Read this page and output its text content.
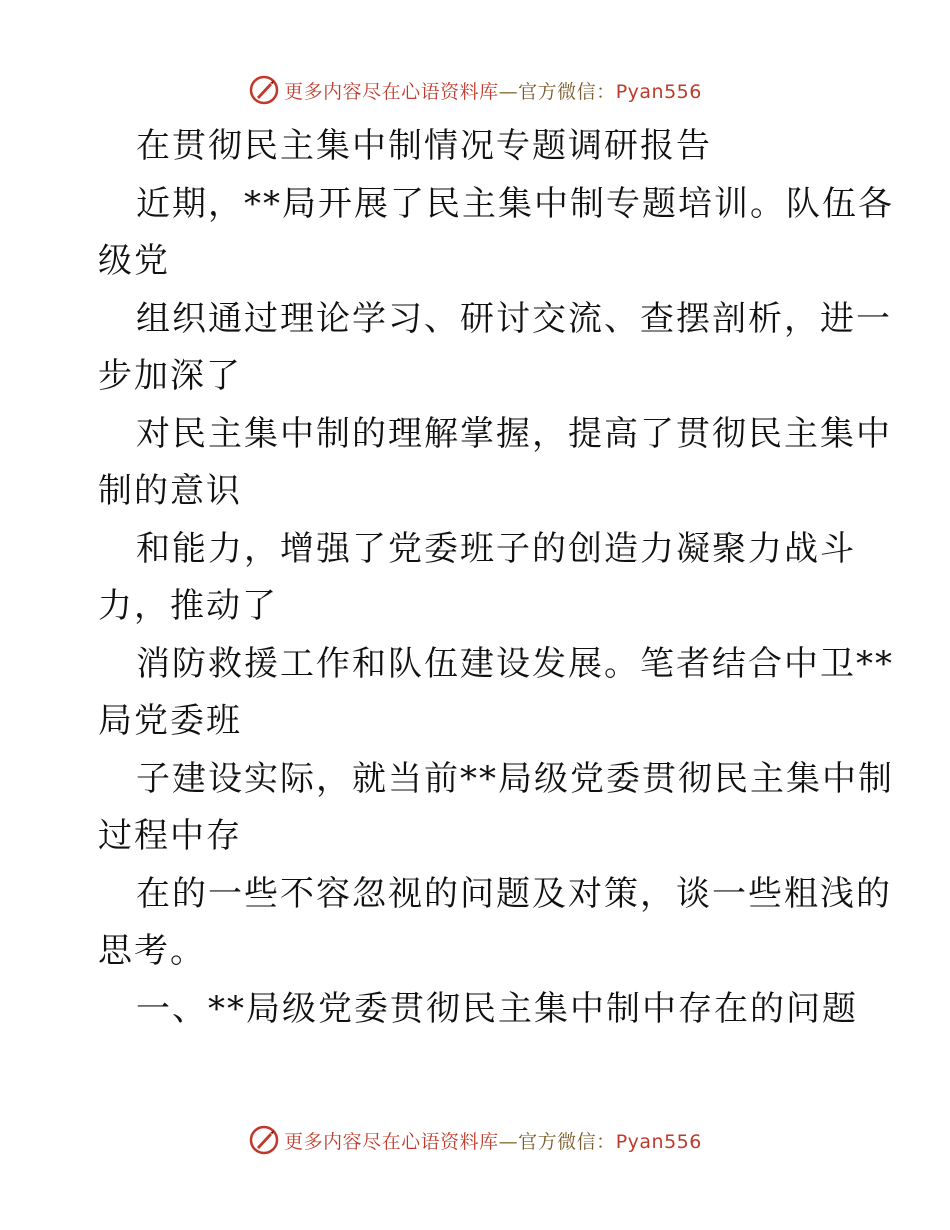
更多内容尽在心语资料库—官方微信：Pyan556
在贯彻民主集中制情况专题调研报告
近期，**局开展了民主集中制专题培训。队伍各
级党
组织通过理论学习、研讨交流、查摆剖析，进一
步加深了
对民主集中制的理解掌握，提高了贯彻民主集中
制的意识
和能力，增强了党委班子的创造力凝聚力战斗
力，推动了
消防救援工作和队伍建设发展。笔者结合中卫**
局党委班
子建设实际，就当前**局级党委贯彻民主集中制
过程中存
在的一些不容忽视的问题及对策，谈一些粗浅的
思考。
一、**局级党委贯彻民主集中制中存在的问题
更多内容尽在心语资料库—官方微信：Pyan556
